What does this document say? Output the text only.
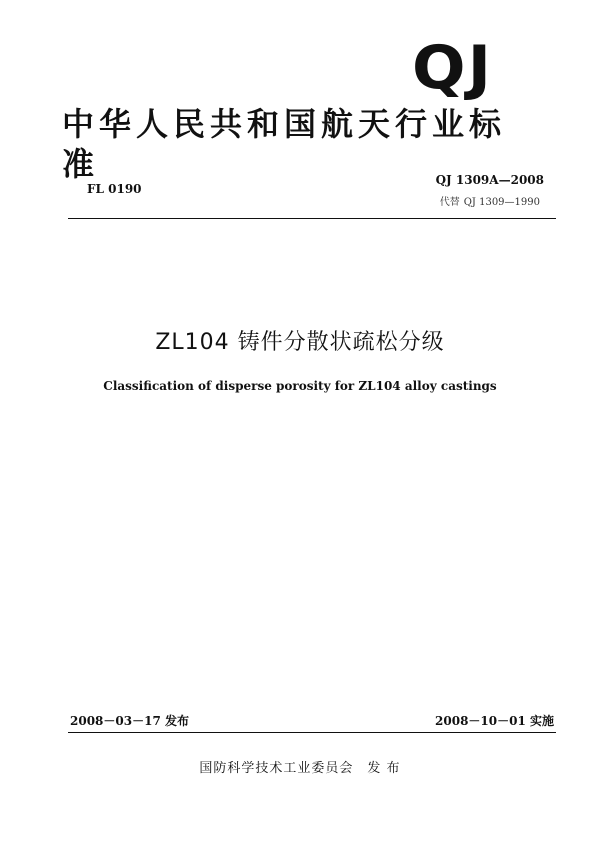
QJ
中华人民共和国航天行业标准
FL 0190
QJ 1309A—2008
代替 QJ 1309—1990
ZL104 铸件分散状疏松分级
Classification of disperse porosity for ZL104 alloy castings
2008－03－17 发布	2008－10－01 实施
国防科学技术工业委员会　发 布
